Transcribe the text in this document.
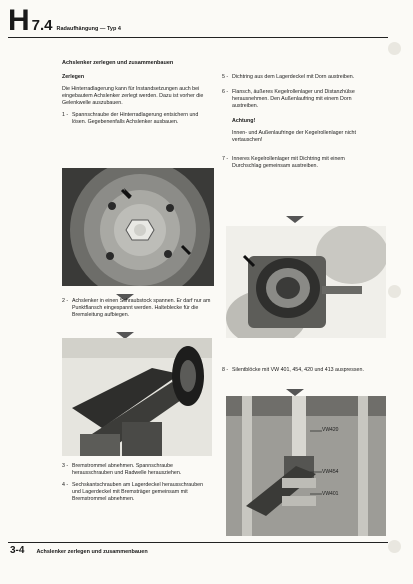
H 7.4 Radaufhängung — Typ 4
Achslenker zerlegen und zusammenbauen

Zerlegen

Die Hinterradlagerung kann für Instandsetzungen auch bei eingebautem Achslenker zerlegt werden. Dazu ist vorher die Gelenkwelle auszubauen.

1 - Spannschraube der Hinterradlagerung entsichern und lösen. Gegebenenfalls Achslenker ausbauen.
2 - Achslenker in einen Schraubstock spannen. Er darf nur am Punktflansch eingespannt werden. Halteblecke für die Bremsleitung aufbiegen.
3 - Bremstrommel abnehmen. Spannschraube herausschrauben und Radwelle herausziehen.
4 - Sechskantschrauben am Lagerdeckel herausschrauben und Lagerdeckel mit Bremsträger gemeinsam mit Bremstrommel abnehmen.
5 - Dichtring aus dem Lagerdeckel mit Dorn austreiben.
6 - Flansch, äußeres Kegelrollenlager und Distanzhülse herausnehmen. Den Außenlaufring mit einem Dorn austreiben.

Achtung!

Innen- und Außenlaufringe der Kegelrollenlager nicht vertauschen!

7 - Inneres Kegelrollenlager mit Dichtring mit einem Durchschlag gemeinsam austreiben.
8 - Silentblöcke mit VW 401, 454, 420 und 413 auspressen.
VW420
VW454
VW401
3-4 Achslenker zerlegen und zusammenbauen
